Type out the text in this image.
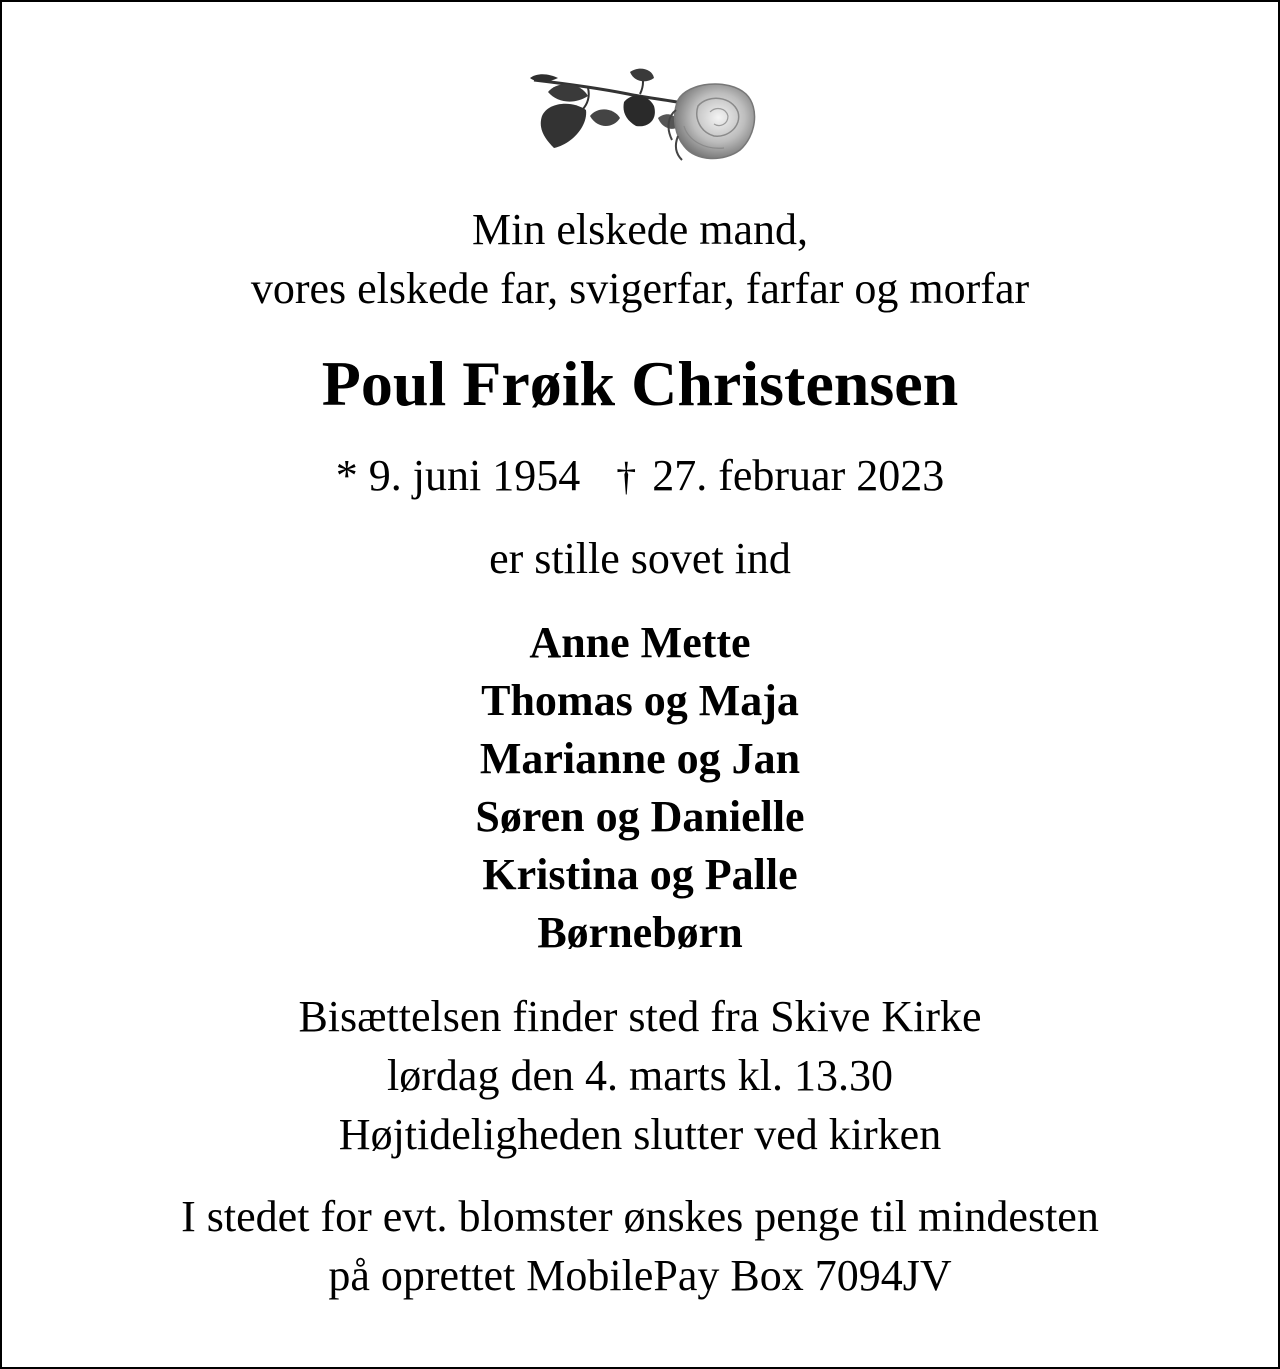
Min elskede mand,
vores elskede far, svigerfar, farfar og morfar
Poul Frøik Christensen
* 9. juni 1954 † 27. februar 2023
er stille sovet ind
Anne Mette
Thomas og Maja
Marianne og Jan
Søren og Danielle
Kristina og Palle
Børnebørn
Bisættelsen finder sted fra Skive Kirke
lørdag den 4. marts kl. 13.30
Højtideligheden slutter ved kirken
I stedet for evt. blomster ønskes penge til mindesten
på oprettet MobilePay Box 7094JV
